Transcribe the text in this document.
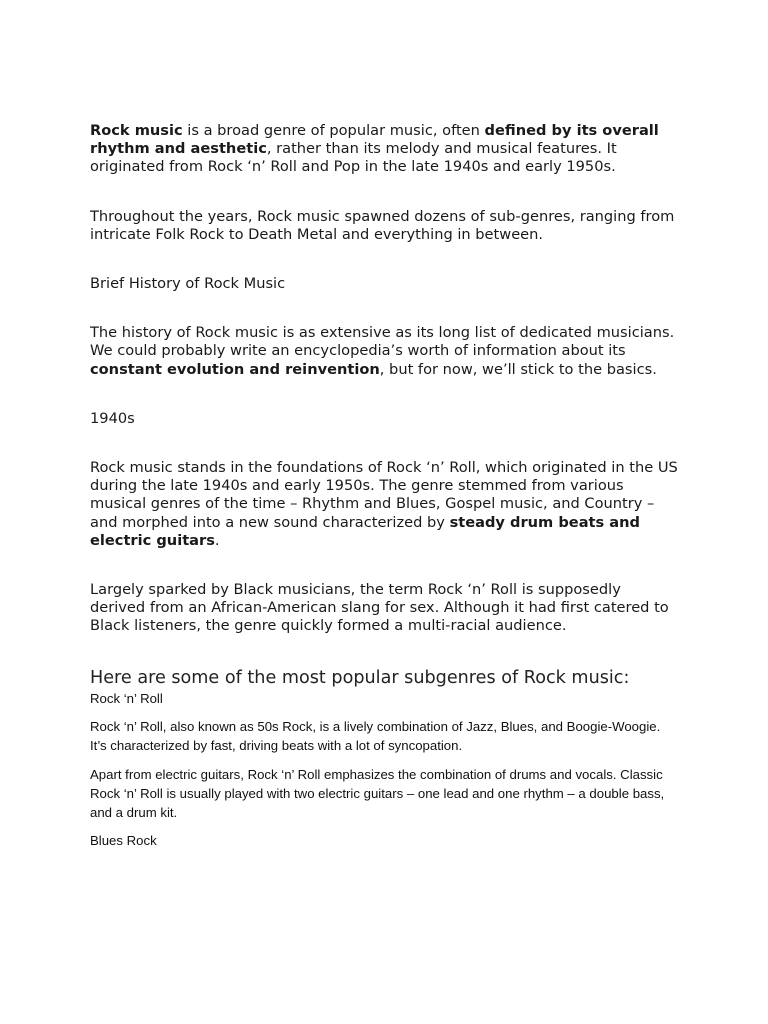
Rock music is a broad genre of popular music, often defined by its overall rhythm and aesthetic, rather than its melody and musical features. It originated from Rock ‘n’ Roll and Pop in the late 1940s and early 1950s.

Throughout the years, Rock music spawned dozens of sub-genres, ranging from intricate Folk Rock to Death Metal and everything in between.

Brief History of Rock Music

The history of Rock music is as extensive as its long list of dedicated musicians. We could probably write an encyclopedia’s worth of information about its constant evolution and reinvention, but for now, we’ll stick to the basics.

1940s

Rock music stands in the foundations of Rock ‘n’ Roll, which originated in the US during the late 1940s and early 1950s. The genre stemmed from various musical genres of the time – Rhythm and Blues, Gospel music, and Country – and morphed into a new sound characterized by steady drum beats and electric guitars.

Largely sparked by Black musicians, the term Rock ‘n’ Roll is supposedly derived from an African-American slang for sex. Although it had first catered to Black listeners, the genre quickly formed a multi-racial audience.

Here are some of the most popular subgenres of Rock music:

Rock ‘n’ Roll

Rock ‘n’ Roll, also known as 50s Rock, is a lively combination of Jazz, Blues, and Boogie-Woogie. It’s characterized by fast, driving beats with a lot of syncopation.

Apart from electric guitars, Rock ‘n’ Roll emphasizes the combination of drums and vocals. Classic Rock ‘n’ Roll is usually played with two electric guitars – one lead and one rhythm – a double bass, and a drum kit.

Blues Rock
